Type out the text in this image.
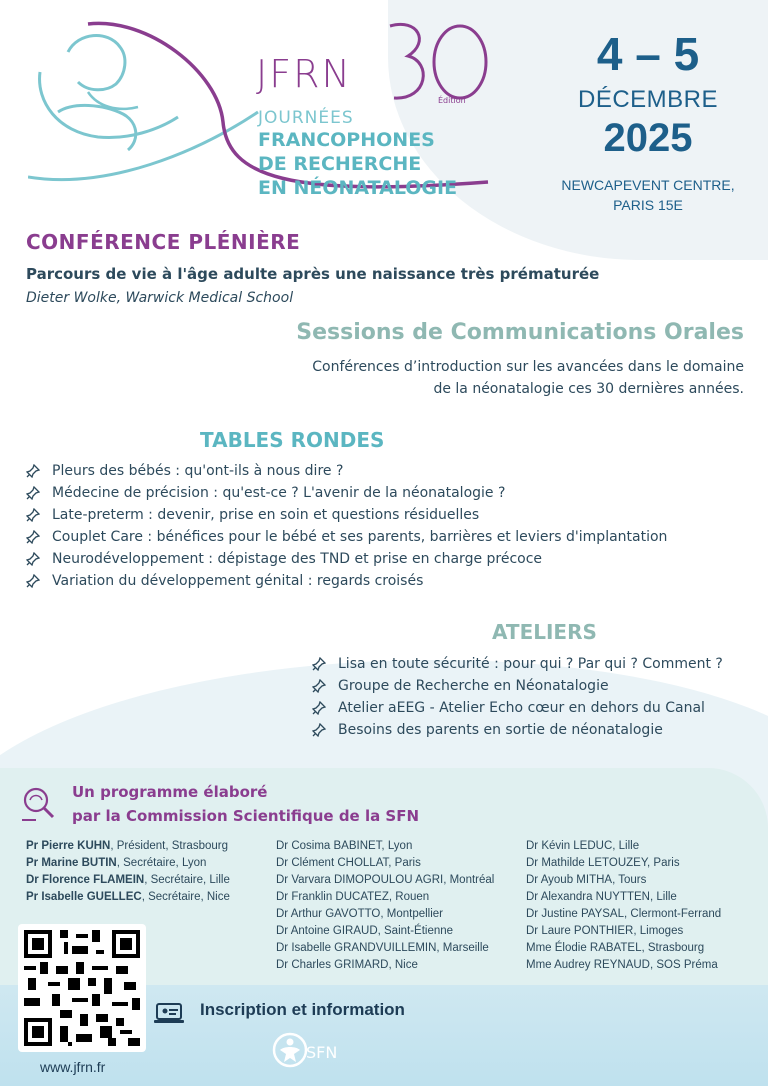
JFRN
Édition
JOURNÉES
FRANCOPHONES
DE RECHERCHE
EN NÉONATALOGIE
4 – 5
DÉCEMBRE
2025
NEWCAPEVENT CENTRE,
PARIS 15E
CONFÉRENCE PLÉNIÈRE
Parcours de vie à l'âge adulte après une naissance très prématurée
Dieter Wolke, Warwick Medical School
Sessions de Communications Orales
Conférences d’introduction sur les avancées dans le domaine
de la néonatalogie ces 30 dernières années.
TABLES RONDES
Pleurs des bébés : qu'ont-ils à nous dire ?
Médecine de précision : qu'est-ce ? L'avenir de la néonatalogie ?
Late-preterm : devenir, prise en soin et questions résiduelles
Couplet Care : bénéfices pour le bébé et ses parents, barrières et leviers d'implantation
Neurodéveloppement : dépistage des TND et prise en charge précoce
Variation du développement génital : regards croisés
ATELIERS
Lisa en toute sécurité : pour qui ? Par qui ? Comment ?
Groupe de Recherche en Néonatalogie
Atelier aEEG - Atelier Echo cœur en dehors du Canal
Besoins des parents en sortie de néonatalogie
Un programme élaboré
par la Commission Scientifique de la SFN
Pr Pierre KUHN, Président, Strasbourg
Pr Marine BUTIN, Secrétaire, Lyon
Dr Florence FLAMEIN, Secrétaire, Lille
Pr Isabelle GUELLEC, Secrétaire, Nice
Dr Cosima BABINET, Lyon
Dr Clément CHOLLAT, Paris
Dr Varvara DIMOPOULOU AGRI, Montréal
Dr Franklin DUCATEZ, Rouen
Dr Arthur GAVOTTO, Montpellier
Dr Antoine GIRAUD, Saint-Étienne
Dr Isabelle GRANDVUILLEMIN, Marseille
Dr Charles GRIMARD, Nice
Dr Kévin LEDUC, Lille
Dr Mathilde LETOUZEY, Paris
Dr Ayoub MITHA, Tours
Dr Alexandra NUYTTEN, Lille
Dr Justine PAYSAL, Clermont-Ferrand
Dr Laure PONTHIER, Limoges
Mme Élodie RABATEL, Strasbourg
Mme Audrey REYNAUD, SOS Préma
www.jfrn.fr
Inscription et information
SFN
